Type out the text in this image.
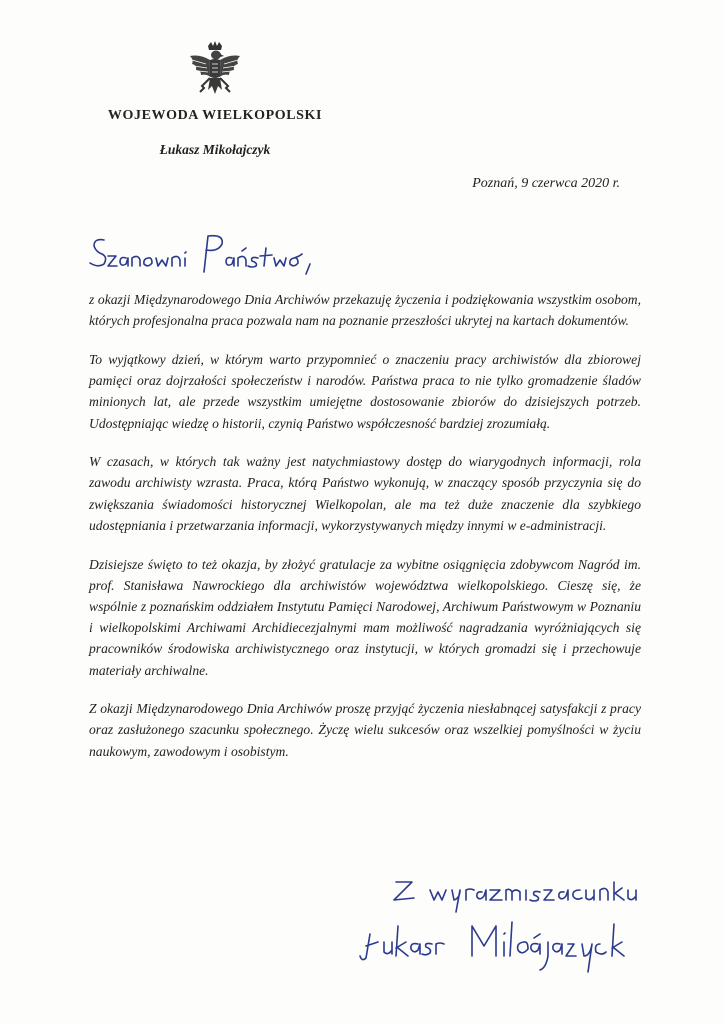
WOJEWODA WIELKOPOLSKI
Łukasz Mikołajczyk
Poznań, 9 czerwca 2020 r.

z okazji Międzynarodowego Dnia Archiwów przekazuję życzenia i podziękowania wszystkim osobom, których profesjonalna praca pozwala nam na poznanie przeszłości ukrytej na kartach dokumentów.

To wyjątkowy dzień, w którym warto przypomnieć o znaczeniu pracy archiwistów dla zbiorowej pamięci oraz dojrzałości społeczeństw i narodów. Państwa praca to nie tylko gromadzenie śladów minionych lat, ale przede wszystkim umiejętne dostosowanie zbiorów do dzisiejszych potrzeb. Udostępniając wiedzę o historii, czynią Państwo współczesność bardziej zrozumiałą.

W czasach, w których tak ważny jest natychmiastowy dostęp do wiarygodnych informacji, rola zawodu archiwisty wzrasta. Praca, którą Państwo wykonują, w znaczący sposób przyczynia się do zwiększania świadomości historycznej Wielkopolan, ale ma też duże znaczenie dla szybkiego udostępniania i przetwarzania informacji, wykorzystywanych między innymi w e-administracji.

Dzisiejsze święto to też okazja, by złożyć gratulacje za wybitne osiągnięcia zdobywcom Nagród im. prof. Stanisława Nawrockiego dla archiwistów województwa wielkopolskiego. Cieszę się, że wspólnie z poznańskim oddziałem Instytutu Pamięci Narodowej, Archiwum Państwowym w Poznaniu i wielkopolskimi Archiwami Archidiecezjalnymi mam możliwość nagradzania wyróżniających się pracowników środowiska archiwistycznego oraz instytucji, w których gromadzi się i przechowuje materiały archiwalne.

Z okazji Międzynarodowego Dnia Archiwów proszę przyjąć życzenia niesłabnącej satysfakcji z pracy oraz zasłużonego szacunku społecznego. Życzę wielu sukcesów oraz wszelkiej pomyślności w życiu naukowym, zawodowym i osobistym.
